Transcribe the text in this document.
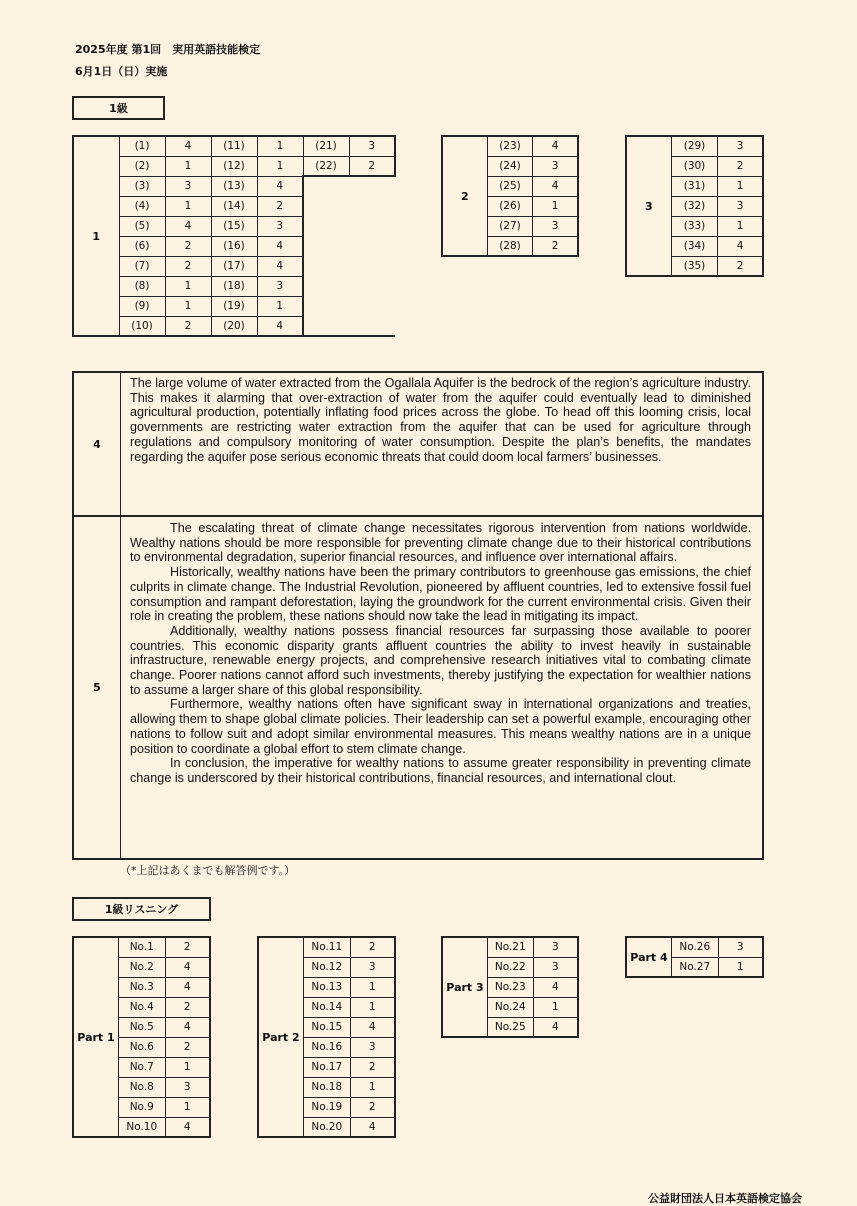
2025年度 第1回　実用英語技能検定
6月1日（日）実施
1級
1	(1)	4	(11)	1	(21)	3
	(2)	1	(12)	1	(22)	2
	(3)	3	(13)	4		
	(4)	1	(14)	2		
	(5)	4	(15)	3		
	(6)	2	(16)	4		
	(7)	2	(17)	4		
	(8)	1	(18)	3		
	(9)	1	(19)	1		
	(10)	2	(20)	4		
2	(23)	4
	(24)	3
	(25)	4
	(26)	1
	(27)	3
	(28)	2
3	(29)	3
	(30)	2
	(31)	1
	(32)	3
	(33)	1
	(34)	4
	(35)	2
4
The large volume of water extracted from the Ogallala Aquifer is the bedrock of the region’s agriculture industry. This makes it alarming that over-extraction of water from the aquifer could eventually lead to diminished agricultural production, potentially inflating food prices across the globe. To head off this looming crisis, local governments are restricting water extraction from the aquifer that can be used for agriculture through regulations and compulsory monitoring of water consumption. Despite the plan’s benefits, the mandates regarding the aquifer pose serious economic threats that could doom local farmers’ businesses.
5

The escalating threat of climate change necessitates rigorous intervention from nations worldwide. Wealthy nations should be more responsible for preventing climate change due to their historical contributions to environmental degradation, superior financial resources, and influence over international affairs.

Historically, wealthy nations have been the primary contributors to greenhouse gas emissions, the chief culprits in climate change. The Industrial Revolution, pioneered by affluent countries, led to extensive fossil fuel consumption and rampant deforestation, laying the groundwork for the current environmental crisis. Given their role in creating the problem, these nations should now take the lead in mitigating its impact.

Additionally, wealthy nations possess financial resources far surpassing those available to poorer countries. This economic disparity grants affluent countries the ability to invest heavily in sustainable infrastructure, renewable energy projects, and comprehensive research initiatives vital to combating climate change. Poorer nations cannot afford such investments, thereby justifying the expectation for wealthier nations to assume a larger share of this global responsibility.

Furthermore, wealthy nations often have significant sway in international organizations and treaties, allowing them to shape global climate policies. Their leadership can set a powerful example, encouraging other nations to follow suit and adopt similar environmental measures. This means wealthy nations are in a unique position to coordinate a global effort to stem climate change.

In conclusion, the imperative for wealthy nations to assume greater responsibility in preventing climate change is underscored by their historical contributions, financial resources, and international clout.

（*上記はあくまでも解答例です。）
1級リスニング
Part 1	No.1	2
	No.2	4
	No.3	4
	No.4	2
	No.5	4
	No.6	2
	No.7	1
	No.8	3
	No.9	1
	No.10	4
Part 2	No.11	2
	No.12	3
	No.13	1
	No.14	1
	No.15	4
	No.16	3
	No.17	2
	No.18	1
	No.19	2
	No.20	4
Part 3	No.21	3
	No.22	3
	No.23	4
	No.24	1
	No.25	4
Part 4	No.26	3
	No.27	1
公益財団法人日本英語検定協会
